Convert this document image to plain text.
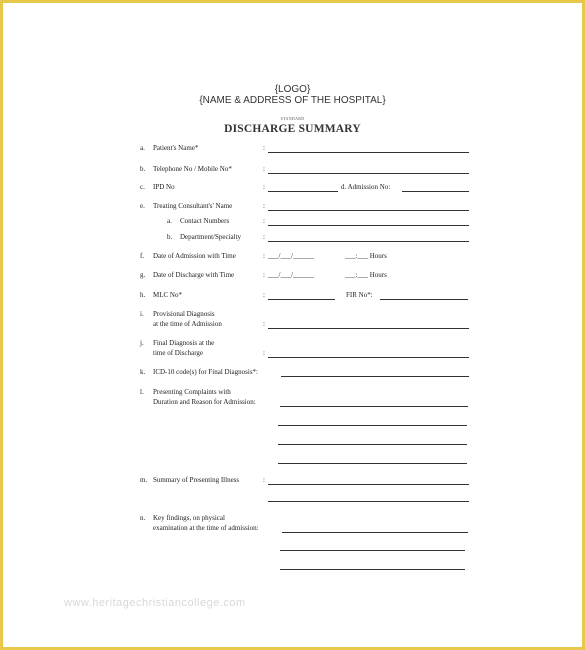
{LOGO}
{NAME & ADDRESS OF THE HOSPITAL}
STANDARD
DISCHARGE SUMMARY
a. Patient's Name*	:
b. Telephone No / Mobile No*	:
c. IPD No	:	d. Admission No:
e. Treating Consultant's' Name	:
a. Contact Numbers	:
b. Department/Specialty	:
f. Date of Admission with Time	: ___/___/______	___:___ Hours
g. Date of Discharge with Time	: ___/___/______	___:___ Hours
h. MLC No*	:	FIR No*:
i. Provisional Diagnosis
at the time of Admission	:
j. Final Diagnosis at the
time of Discharge	:
k. ICD-10 code(s) for Final Diagnosis*:
l. Presenting Complaints with
Duration and Reason for Admission:
m. Summary of Presenting Illness	:
n. Key findings, on physical
examination at the time of admission:
www.heritagechristiancollege.com
